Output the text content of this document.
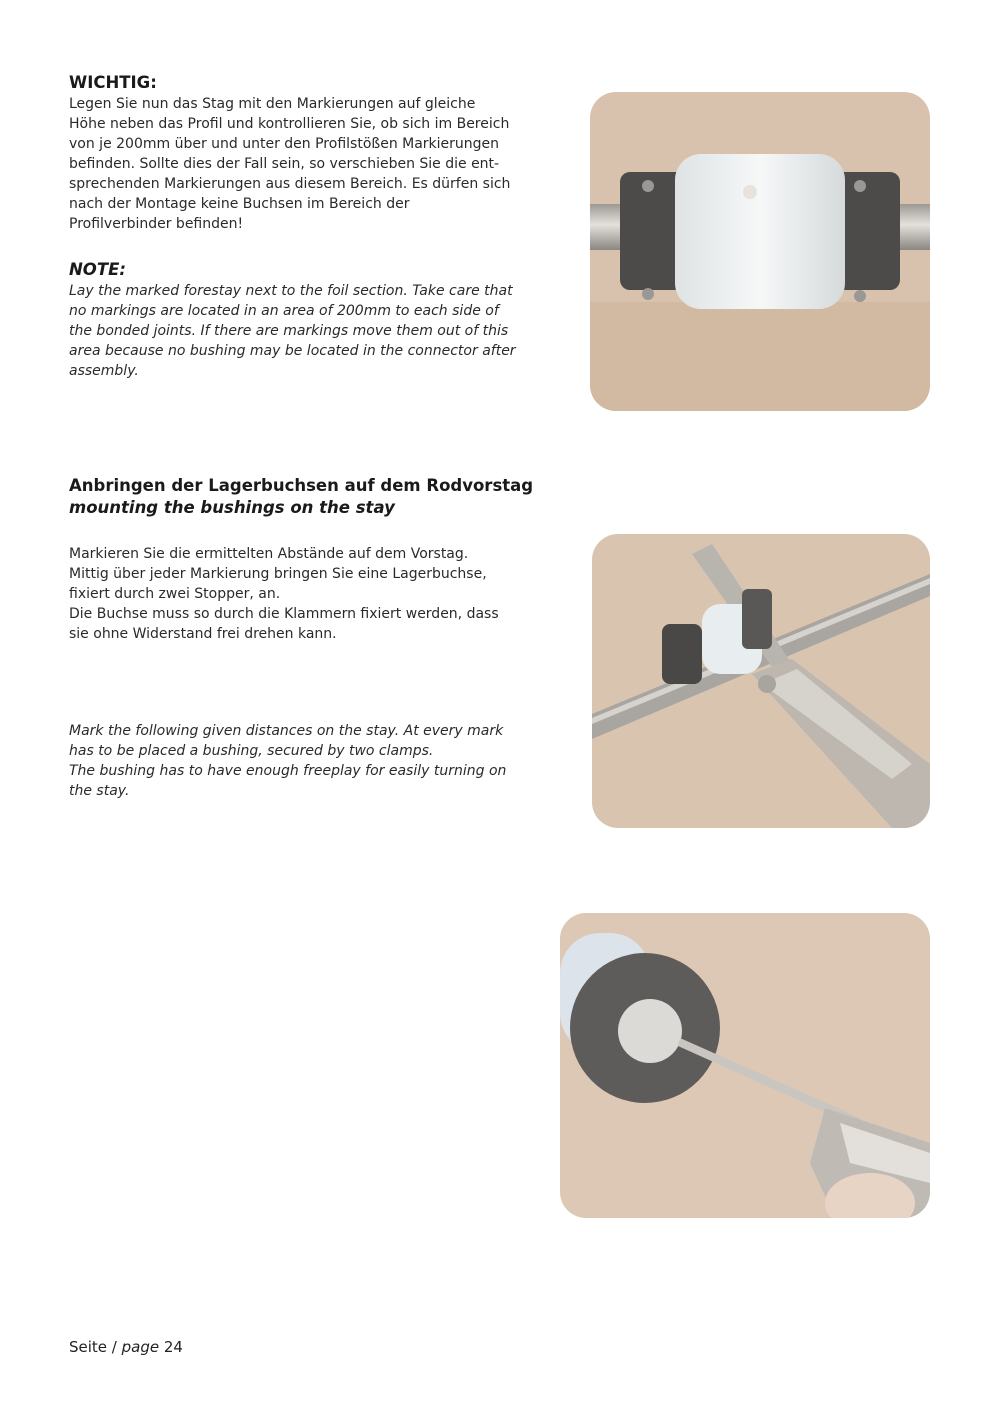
WICHTIG:

Legen Sie nun das Stag mit den Markierungen auf gleiche
Höhe neben das Profil und kontrollieren Sie, ob sich im Bereich
von je 200mm über und unter den Profilstößen Markierungen
befinden. Sollte dies der Fall sein, so verschieben Sie die ent-
sprechenden Markierungen aus diesem Bereich. Es dürfen sich
nach der Montage keine Buchsen im Bereich der
Profilverbinder befinden!

NOTE:

Lay the marked forestay next to the foil section. Take care that
no markings are located in an area of 200mm to each side of
the bonded joints. If there are markings move them out of this
area because no bushing may be located in the connector after
assembly.

Anbringen der Lagerbuchsen auf dem Rodvorstag

mounting the bushings on the stay

Markieren Sie die ermittelten Abstände auf dem Vorstag.
Mittig über jeder Markierung bringen Sie eine Lagerbuchse,
fixiert durch zwei Stopper, an.
Die Buchse muss so durch die Klammern fixiert werden, dass
sie ohne Widerstand frei drehen kann.

Mark the following given distances on the stay. At every mark
has to be placed a bushing, secured by two clamps.
The bushing has to have enough freeplay for easily turning on
the stay.

Seite / page 24
